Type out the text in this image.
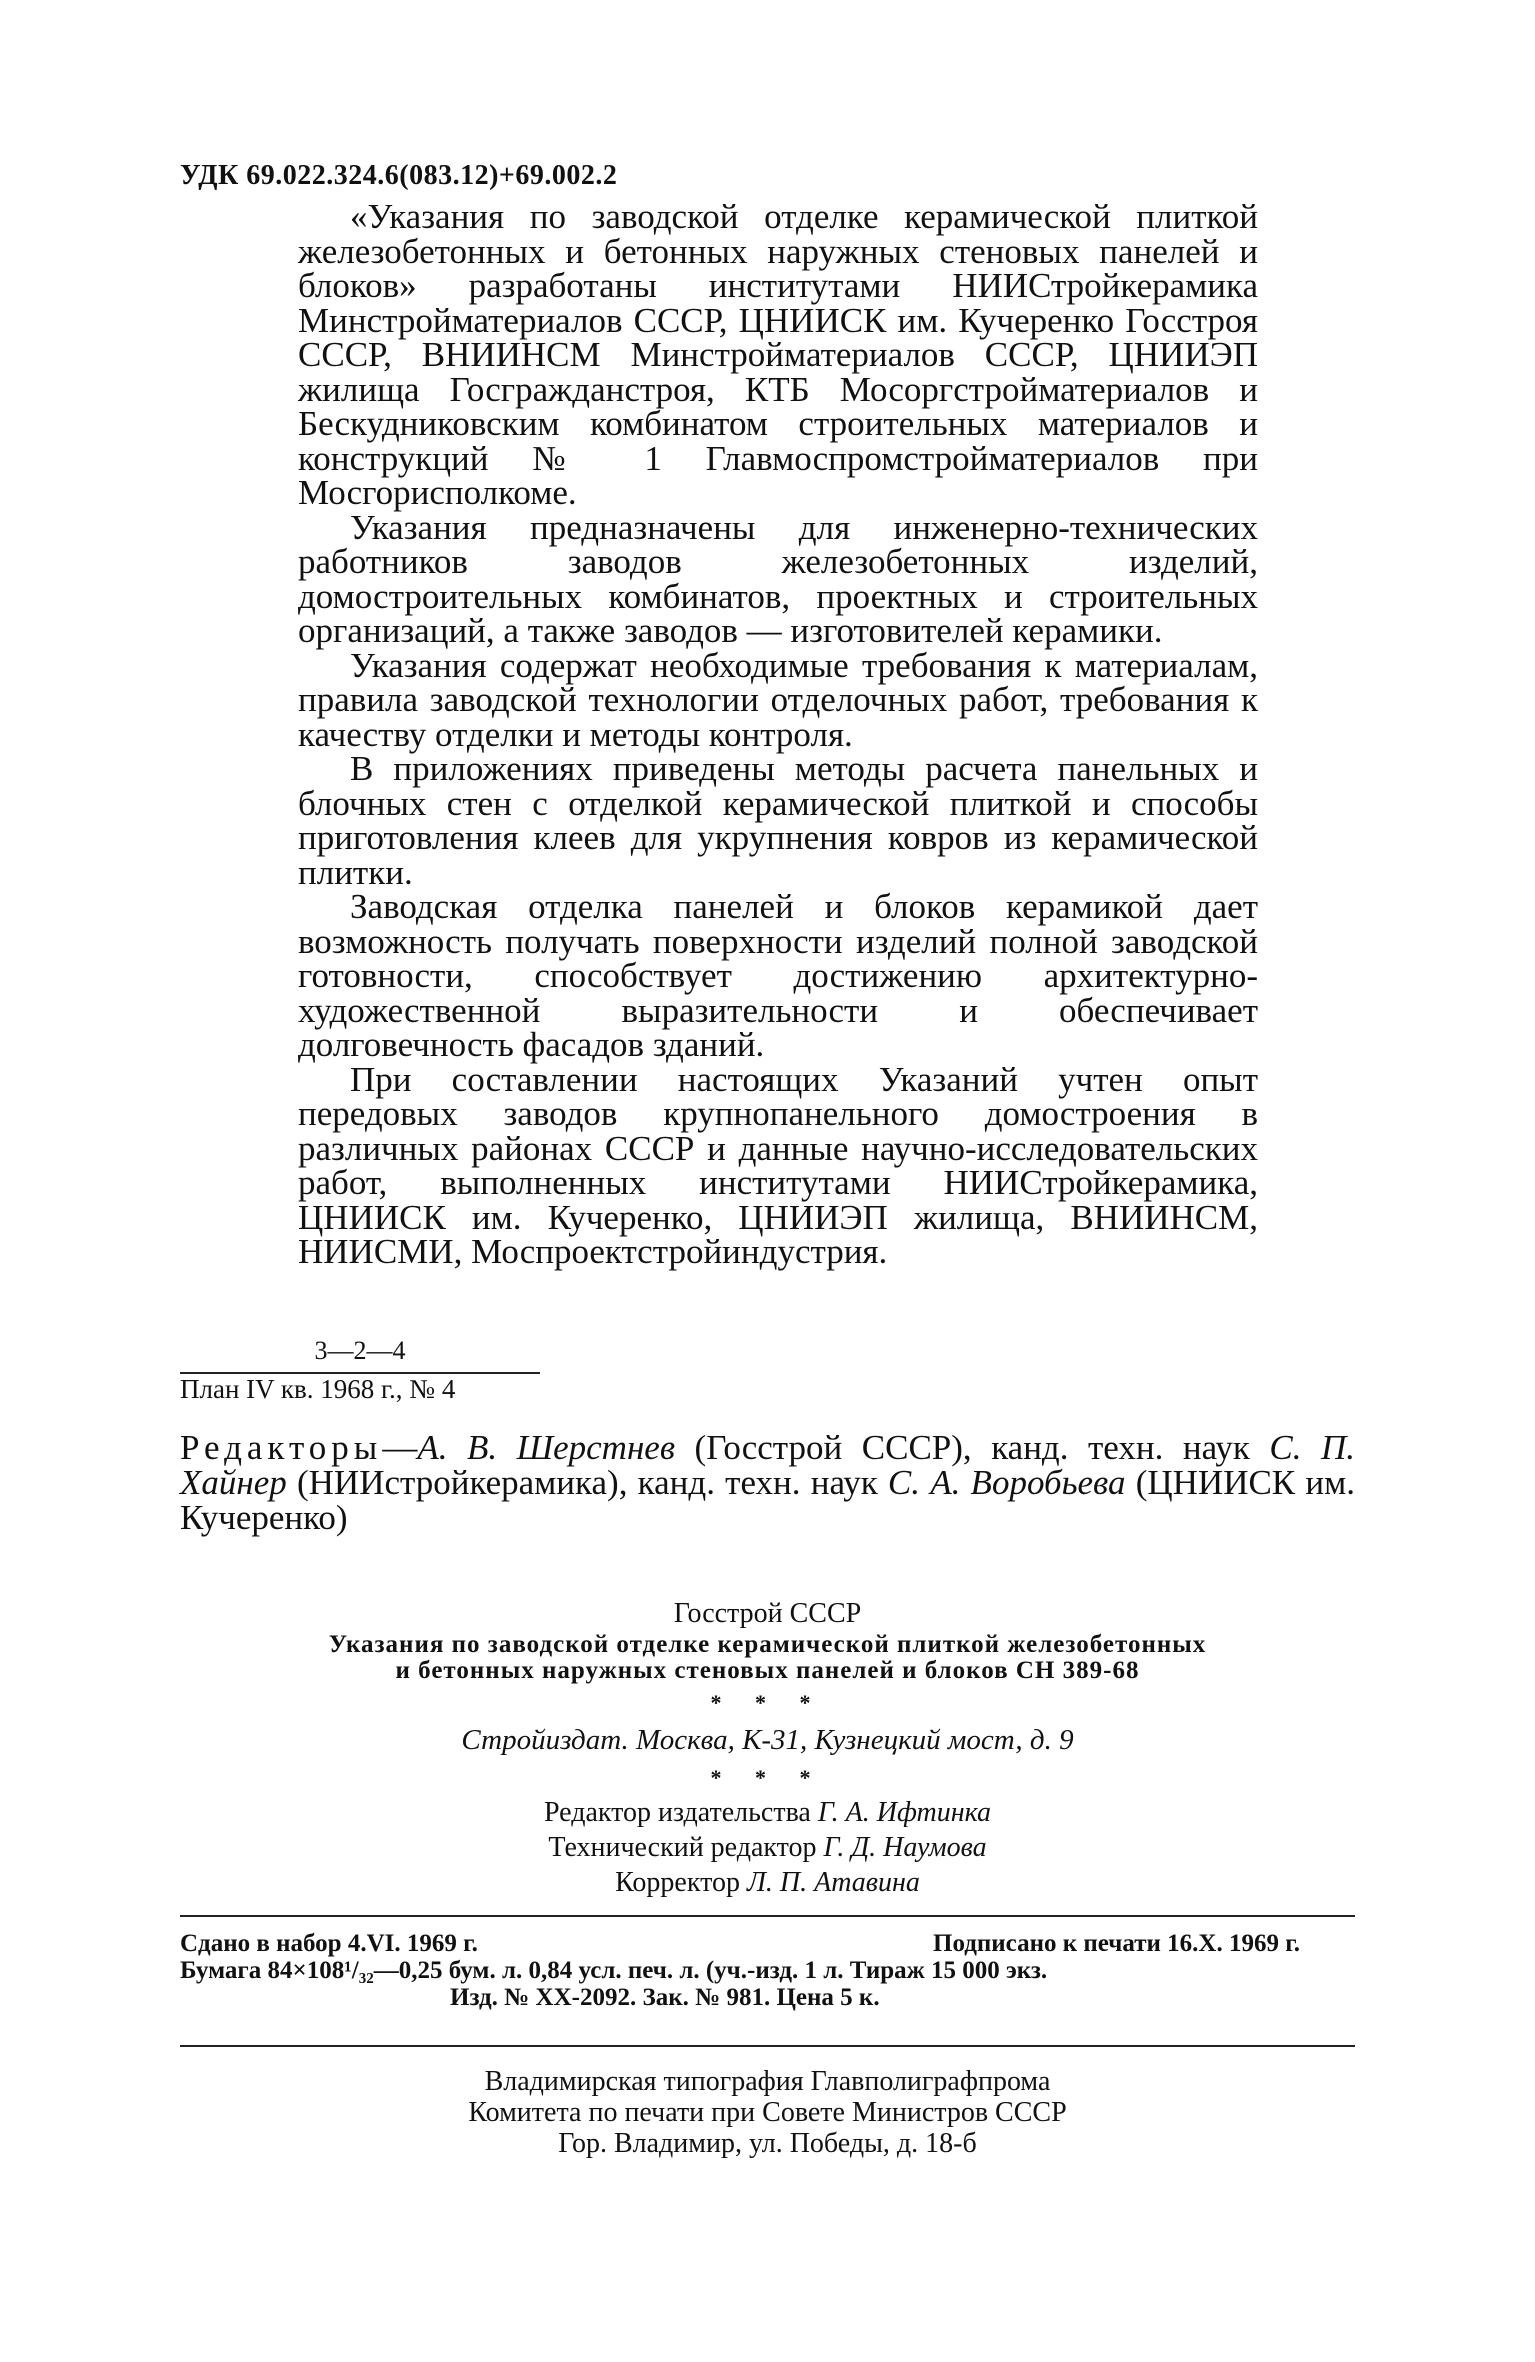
УДК 69.022.324.6(083.12)+69.002.2

«Указания по заводской отделке керамической плиткой железобетонных и бетонных наружных стеновых панелей и блоков» разработаны институтами НИИСтройкерамика Минстройматериалов СССР, ЦНИИСК им. Кучеренко Госстроя СССР, ВНИИНСМ Минстройматериалов СССР, ЦНИИЭП жилища Госгражданстроя, КТБ Мосоргстройматериалов и Бескудниковским комбинатом строительных материалов и конструкций № 1 Главмоспромстройматериалов при Мосгорисполкоме.

Указания предназначены для инженерно-технических работников заводов железобетонных изделий, домостроительных комбинатов, проектных и строительных организаций, а также заводов — изготовителей керамики.

Указания содержат необходимые требования к материалам, правила заводской технологии отделочных работ, требования к качеству отделки и методы контроля.

В приложениях приведены методы расчета панельных и блочных стен с отделкой керамической плиткой и способы приготовления клеев для укрупнения ковров из керамической плитки.

Заводская отделка панелей и блоков керамикой дает возможность получать поверхности изделий полной заводской готовности, способствует достижению архитектурно-художественной выразительности и обеспечивает долговечность фасадов зданий.

При составлении настоящих Указаний учтен опыт передовых заводов крупнопанельного домостроения в различных районах СССР и данные научно-исследовательских работ, выполненных институтами НИИСтройкерамика, ЦНИИСК им. Кучеренко, ЦНИИЭП жилища, ВНИИНСМ, НИИСМИ, Моспроектстройиндустрия.

3—2—4
План IV кв. 1968 г., № 4
Редакторы—А. В. Шерстнев (Госстрой СССР), канд. техн. наук С. П. Хайнер (НИИстройкерамика), канд. техн. наук С. А. Воробьева (ЦНИИСК им. Кучеренко)
Госстрой СССР
Указания по заводской отделке керамической плиткой железобетонных
и бетонных наружных стеновых панелей и блоков СН 389-68
* * *
Стройиздат. Москва, К-31, Кузнецкий мост, д. 9
* * *
Редактор издательства Г. А. Ифтинка
Технический редактор Г. Д. Наумова
Корректор Л. П. Атавина
Сдано в набор 4.VI. 1969 г.	Подписано к печати 16.X. 1969 г.
Бумага 84×108¹/₃₂—0,25 бум. л. 0,84 усл. печ. л. (уч.-изд. 1 л. Тираж 15 000 экз.
Изд. № XX-2092. Зак. № 981. Цена 5 к.
Владимирская типография Главполиграфпрома
Комитета по печати при Совете Министров СССР
Гор. Владимир, ул. Победы, д. 18-б
